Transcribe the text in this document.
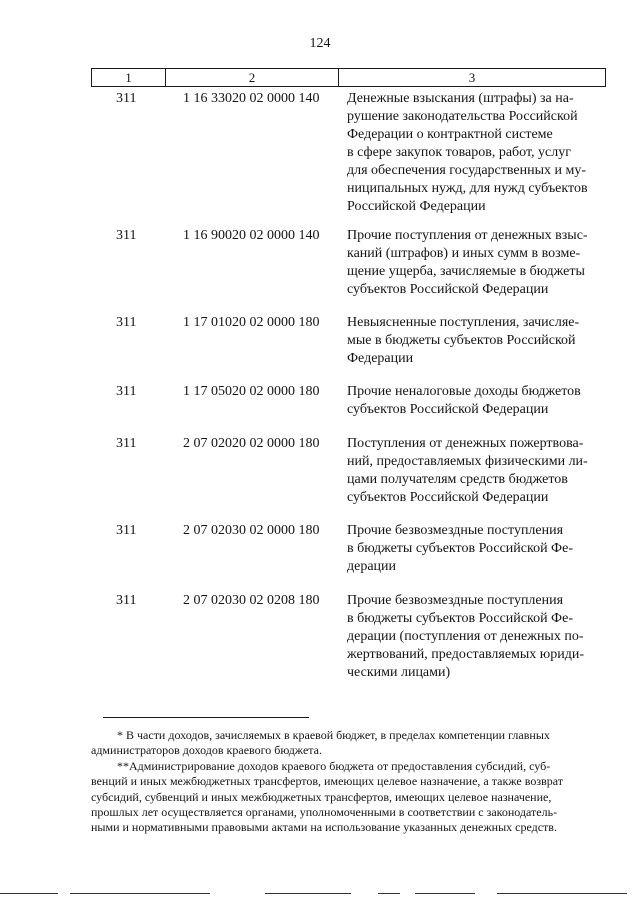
124
1	2	3
311	1 16 33020 02 0000 140 Денежные взыскания (штрафы) за на-
рушение законодательства Российской
Федерации о контрактной системе
в сфере закупок товаров, работ, услуг
для обеспечения государственных и му-
ниципальных нужд, для нужд субъектов
Российской Федерации
311	1 16 90020 02 0000 140 Прочие поступления от денежных взыс-
каний (штрафов) и иных сумм в возме-
щение ущерба, зачисляемые в бюджеты
субъектов Российской Федерации
311	1 17 01020 02 0000 180 Невыясненные поступления, зачисляе-
мые в бюджеты субъектов Российской
Федерации
311	1 17 05020 02 0000 180 Прочие неналоговые доходы бюджетов
субъектов Российской Федерации
311	2 07 02020 02 0000 180 Поступления от денежных пожертвова-
ний, предоставляемых физическими ли-
цами получателям средств бюджетов
субъектов Российской Федерации
311	2 07 02030 02 0000 180 Прочие безвозмездные поступления
в бюджеты субъектов Российской Фе-
дерации
311	2 07 02030 02 0208 180 Прочие безвозмездные поступления
в бюджеты субъектов Российской Фе-
дерации (поступления от денежных по-
жертвований, предоставляемых юриди-
ческими лицами)
* В части доходов, зачисляемых в краевой бюджет, в пределах компетенции главных
администраторов доходов краевого бюджета.
**Администрирование доходов краевого бюджета от предоставления субсидий, суб-
венций и иных межбюджетных трансфертов, имеющих целевое назначение, а также возврат
субсидий, субвенций и иных межбюджетных трансфертов, имеющих целевое назначение,
прошлых лет осуществляется органами, уполномоченными в соответствии с законодатель-
ными и нормативными правовыми актами на использование указанных денежных средств.
